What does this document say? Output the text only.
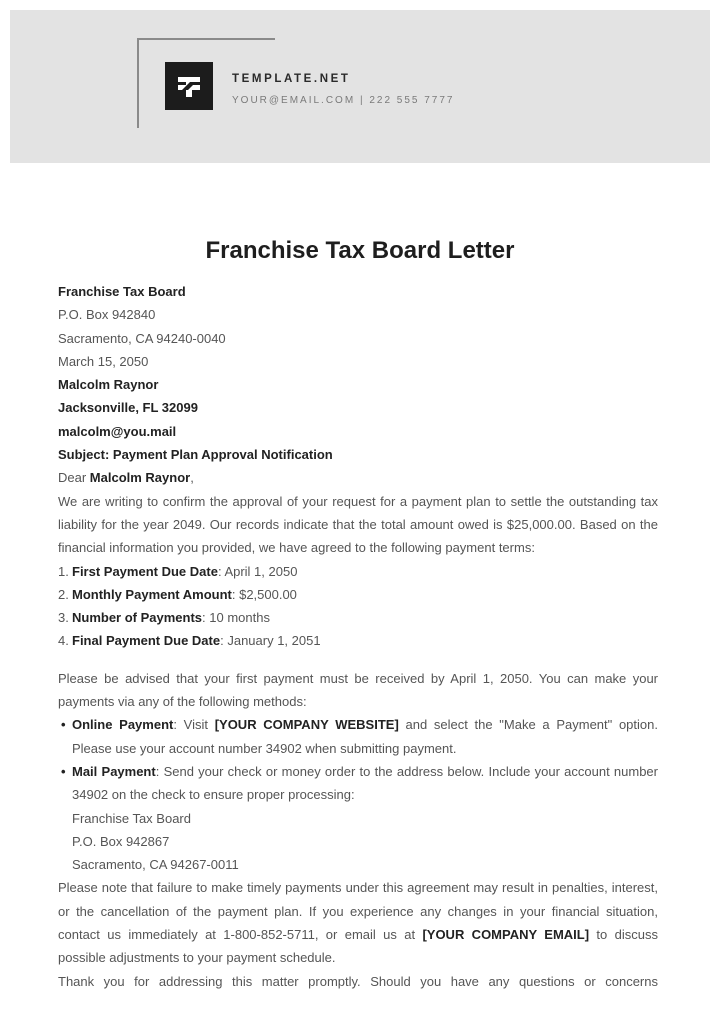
TEMPLATE.NET
YOUR@EMAIL.COM | 222 555 7777
Franchise Tax Board Letter
Franchise Tax Board
P.O. Box 942840
Sacramento, CA 94240-0040
March 15, 2050
Malcolm Raynor
Jacksonville, FL 32099
malcolm@you.mail
Subject: Payment Plan Approval Notification
Dear Malcolm Raynor,

We are writing to confirm the approval of your request for a payment plan to settle the outstanding tax liability for the year 2049. Our records indicate that the total amount owed is $25,000.00. Based on the financial information you provided, we have agreed to the following payment terms:

1. First Payment Due Date: April 1, 2050
2. Monthly Payment Amount: $2,500.00
3. Number of Payments: 10 months
4. Final Payment Due Date: January 1, 2051

Please be advised that your first payment must be received by April 1, 2050. You can make your payments via any of the following methods:

• Online Payment: Visit [YOUR COMPANY WEBSITE] and select the "Make a Payment" option. Please use your account number 34902 when submitting payment.
• Mail Payment: Send your check or money order to the address below. Include your account number 34902 on the check to ensure proper processing:
Franchise Tax Board
P.O. Box 942867
Sacramento, CA 94267-0011

Please note that failure to make timely payments under this agreement may result in penalties, interest, or the cancellation of the payment plan. If you experience any changes in your financial situation, contact us immediately at 1-800-852-5711, or email us at [YOUR COMPANY EMAIL] to discuss possible adjustments to your payment schedule.

Thank you for addressing this matter promptly. Should you have any questions or concerns
